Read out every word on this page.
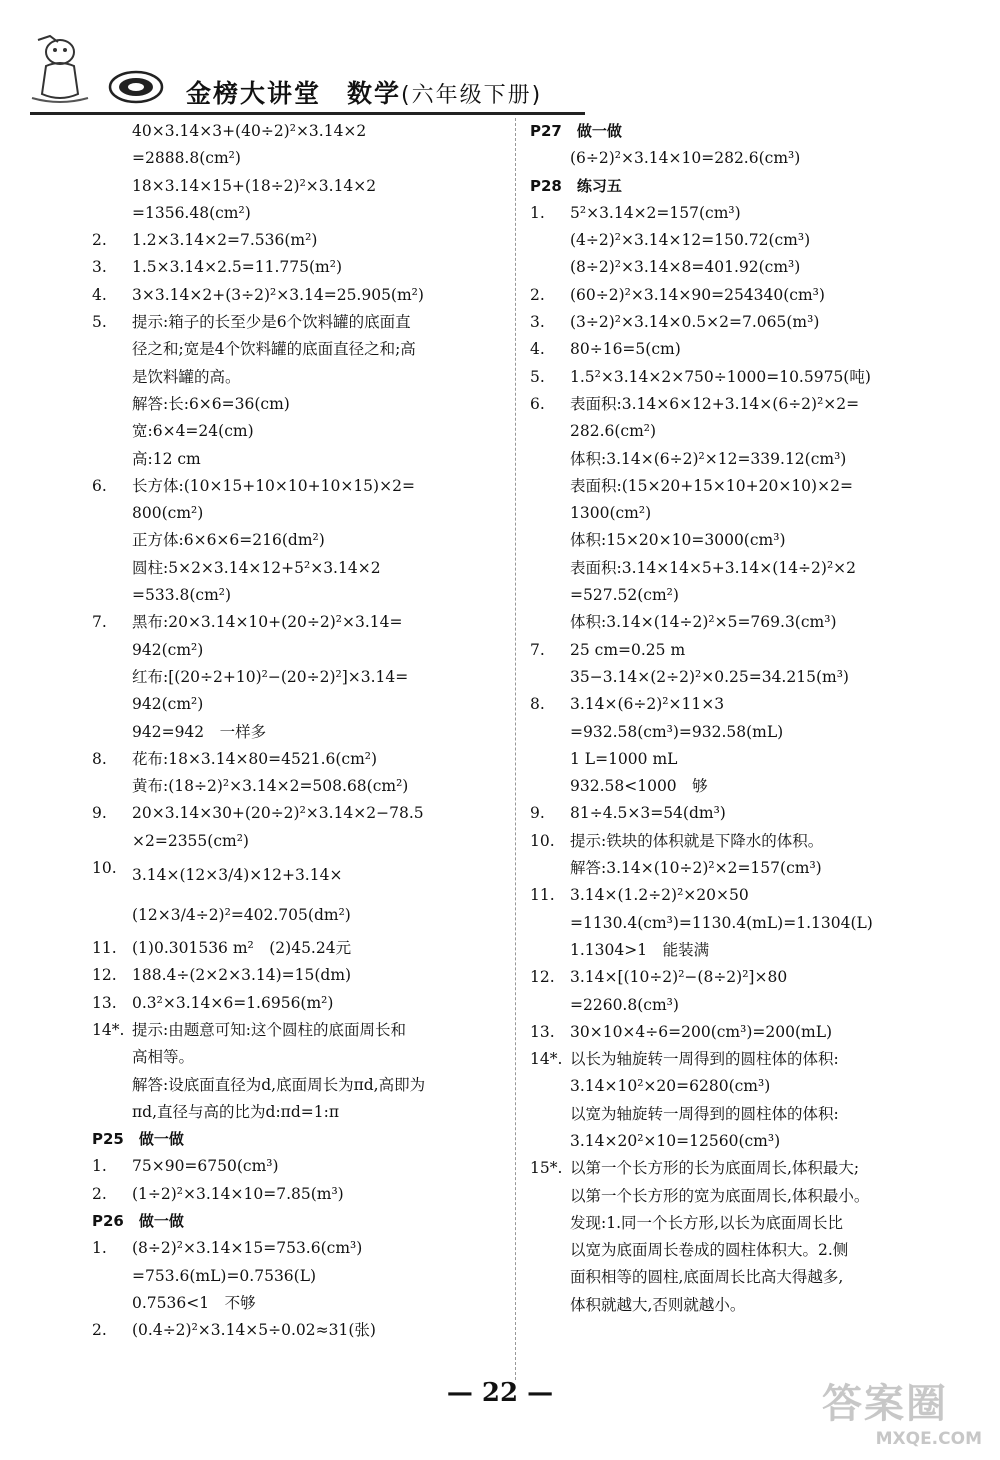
金榜大讲堂 数学(六年级下册)
40×3.14×3+(40÷2)²×3.14×2
=2888.8(cm²)
18×3.14×15+(18÷2)²×3.14×2
=1356.48(cm²)
2. 1.2×3.14×2=7.536(m²)
3. 1.5×3.14×2.5=11.775(m²)
4. 3×3.14×2+(3÷2)²×3.14=25.905(m²)
5. 提示:箱子的长至少是6个饮料罐的底面直
径之和;宽是4个饮料罐的底面直径之和;高
是饮料罐的高。
解答:长:6×6=36(cm)
宽:6×4=24(cm)
高:12 cm
6. 长方体:(10×15+10×10+10×15)×2=
800(cm²)
正方体:6×6×6=216(dm²)
圆柱:5×2×3.14×12+5²×3.14×2
=533.8(cm²)
7. 黑布:20×3.14×10+(20÷2)²×3.14=
942(cm²)
红布:[(20÷2+10)²−(20÷2)²]×3.14=
942(cm²)
942=942　一样多
8. 花布:18×3.14×80=4521.6(cm²)
黄布:(18÷2)²×3.14×2=508.68(cm²)
9. 20×3.14×30+(20÷2)²×3.14×2−78.5
×2=2355(cm²)
10. 3.14×(12×3/4)×12+3.14×
(12×3/4÷2)²=402.705(dm²)
11. (1)0.301536 m²　(2)45.24元
12. 188.4÷(2×2×3.14)=15(dm)
13. 0.3²×3.14×6=1.6956(m²)
14*. 提示:由题意可知:这个圆柱的底面周长和
高相等。
解答:设底面直径为d,底面周长为πd,高即为
πd,直径与高的比为d:πd=1:π
P25　 做一做
1. 75×90=6750(cm³)
2. (1÷2)²×3.14×10=7.85(m³)
P26　 做一做
1. (8÷2)²×3.14×15=753.6(cm³)
=753.6(mL)=0.7536(L)
0.7536<1　不够
2. (0.4÷2)²×3.14×5÷0.02≈31(张)
P27　 做一做
(6÷2)²×3.14×10=282.6(cm³)
P28　 练习五
1. 5²×3.14×2=157(cm³)
(4÷2)²×3.14×12=150.72(cm³)
(8÷2)²×3.14×8=401.92(cm³)
2. (60÷2)²×3.14×90=254340(cm³)
3. (3÷2)²×3.14×0.5×2=7.065(m³)
4. 80÷16=5(cm)
5. 1.5²×3.14×2×750÷1000=10.5975(吨)
6. 表面积:3.14×6×12+3.14×(6÷2)²×2=
282.6(cm²)
体积:3.14×(6÷2)²×12=339.12(cm³)
表面积:(15×20+15×10+20×10)×2=
1300(cm²)
体积:15×20×10=3000(cm³)
表面积:3.14×14×5+3.14×(14÷2)²×2
=527.52(cm²)
体积:3.14×(14÷2)²×5=769.3(cm³)
7. 25 cm=0.25 m
35−3.14×(2÷2)²×0.25=34.215(m³)
8. 3.14×(6÷2)²×11×3
=932.58(cm³)=932.58(mL)
1 L=1000 mL
932.58<1000　够
9. 81÷4.5×3=54(dm³)
10. 提示:铁块的体积就是下降水的体积。
解答:3.14×(10÷2)²×2=157(cm³)
11. 3.14×(1.2÷2)²×20×50
=1130.4(cm³)=1130.4(mL)=1.1304(L)
1.1304>1　能装满
12. 3.14×[(10÷2)²−(8÷2)²]×80
=2260.8(cm³)
13. 30×10×4÷6=200(cm³)=200(mL)
14*. 以长为轴旋转一周得到的圆柱体的体积:
3.14×10²×20=6280(cm³)
以宽为轴旋转一周得到的圆柱体的体积:
3.14×20²×10=12560(cm³)
15*. 以第一个长方形的长为底面周长,体积最大;
以第一个长方形的宽为底面周长,体积最小。
发现:1.同一个长方形,以长为底面周长比
以宽为底面周长卷成的圆柱体积大。2.侧
面积相等的圆柱,底面周长比高大得越多,
体积就越大,否则就越小。
— 22 —	答案圈
MXQE.COM
